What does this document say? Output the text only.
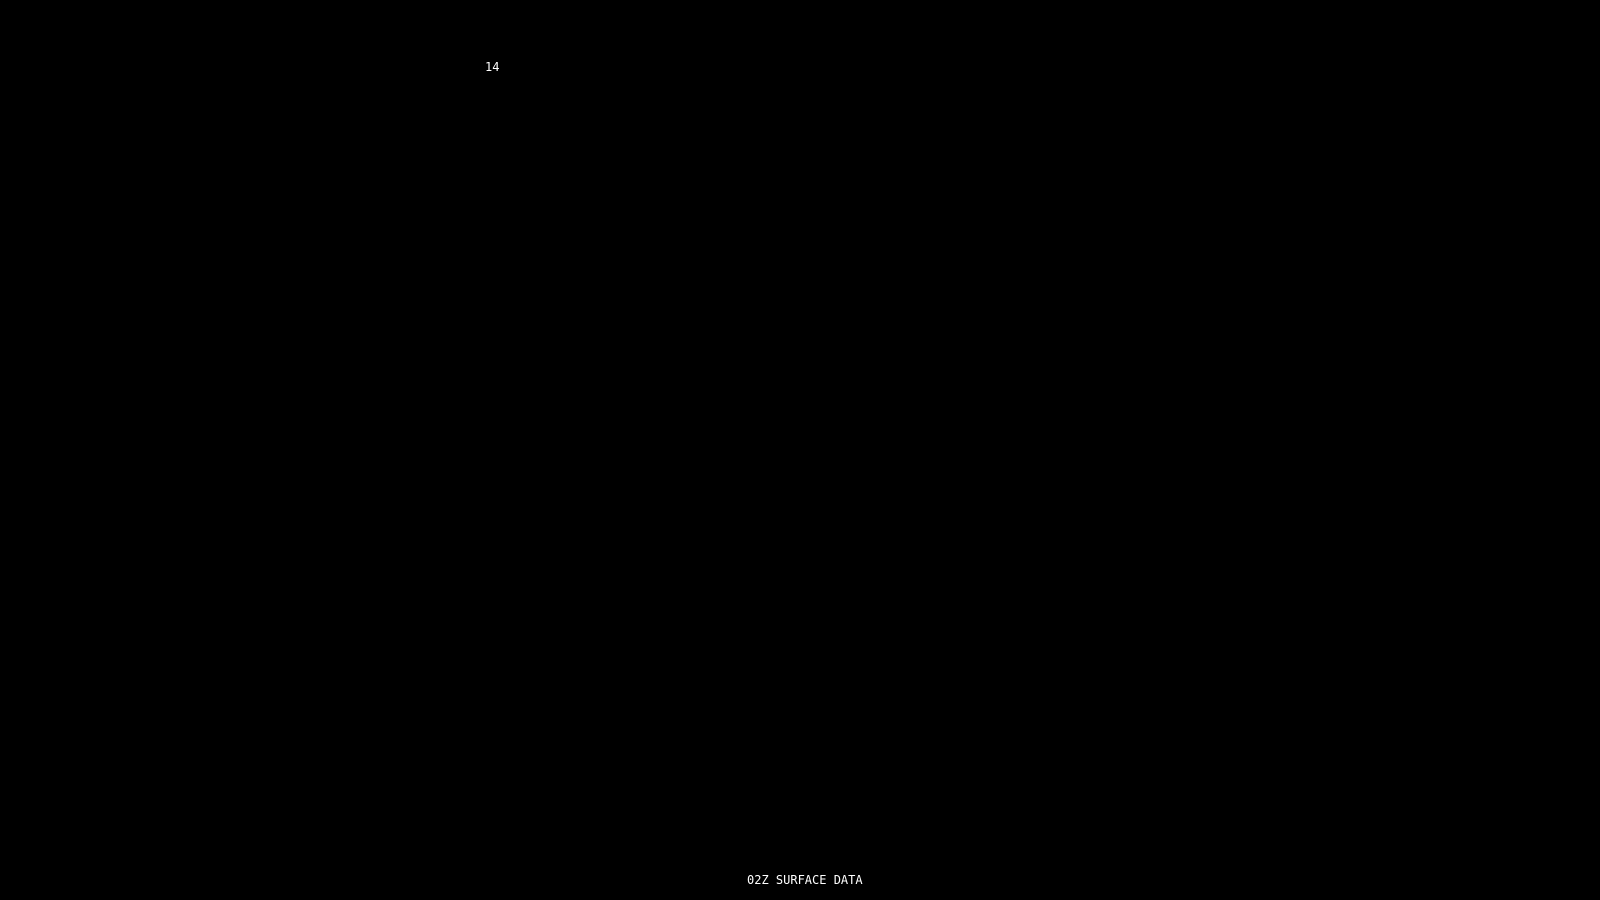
14
02Z SURFACE DATA
